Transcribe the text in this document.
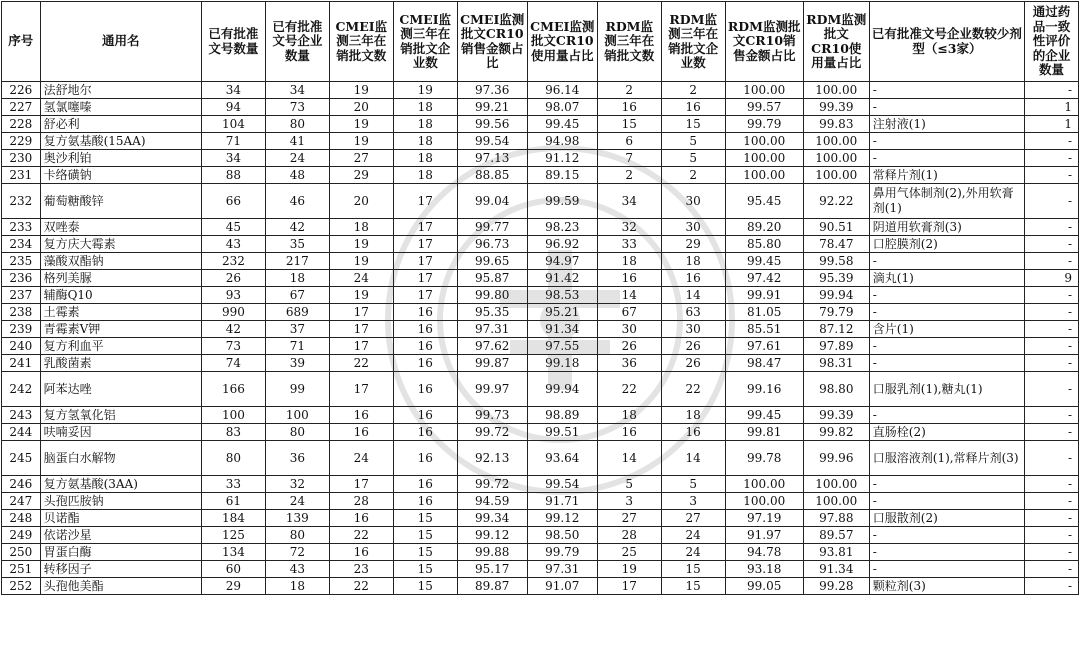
序号	通用名	已有批准文号数量	已有批准文号企业数量	CMEI监测三年在销批文数	CMEI监测三年在销批文企业数	CMEI监测批文CR10销售金额占比	CMEI监测批文CR10使用量占比	RDM监测三年在销批文数	RDM监测三年在销批文企业数	RDM监测批文CR10销售金额占比	RDM监测批文CR10使用量占比	已有批准文号企业数较少剂型（≤3家）	通过药品一致性评价的企业数量
226	法舒地尔	34	34	19	19	97.36	96.14	2	2	100.00	100.00	-	-
227	氢氯噻嗪	94	73	20	18	99.21	98.07	16	16	99.57	99.39	-	1
228	舒必利	104	80	19	18	99.56	99.45	15	15	99.79	99.83	注射液(1)	1
229	复方氨基酸(15AA)	71	41	19	18	99.54	94.98	6	5	100.00	100.00	-	-
230	奥沙利铂	34	24	27	18	97.13	91.12	7	5	100.00	100.00	-	-
231	卡络磺钠	88	48	29	18	88.85	89.15	2	2	100.00	100.00	常释片剂(1)	-
232	葡萄糖酸锌	66	46	20	17	99.04	99.59	34	30	95.45	92.22	鼻用气体制剂(2),外用软膏剂(1)	-
233	双唑泰	45	42	18	17	99.77	98.23	32	30	89.20	90.51	阴道用软膏剂(3)	-
234	复方庆大霉素	43	35	19	17	96.73	96.92	33	29	85.80	78.47	口腔膜剂(2)	-
235	藻酸双酯钠	232	217	19	17	99.65	94.97	18	18	99.45	99.58	-	-
236	格列美脲	26	18	24	17	95.87	91.42	16	16	97.42	95.39	滴丸(1)	9
237	辅酶Q10	93	67	19	17	99.80	98.53	14	14	99.91	99.94	-	-
238	土霉素	990	689	17	16	95.35	95.21	67	63	81.05	79.79	-	-
239	青霉素V钾	42	37	17	16	97.31	91.34	30	30	85.51	87.12	含片(1)	-
240	复方利血平	73	71	17	16	97.62	97.55	26	26	97.61	97.89	-	-
241	乳酸菌素	74	39	22	16	99.87	99.18	36	26	98.47	98.31	-	-
242	阿苯达唑	166	99	17	16	99.97	99.94	22	22	99.16	98.80	口服乳剂(1),糖丸(1)	-
243	复方氢氧化铝	100	100	16	16	99.73	98.89	18	18	99.45	99.39	-	-
244	呋喃妥因	83	80	16	16	99.72	99.51	16	16	99.81	99.82	直肠栓(2)	-
245	脑蛋白水解物	80	36	24	16	92.13	93.64	14	14	99.78	99.96	口服溶液剂(1),常释片剂(3)	-
246	复方氨基酸(3AA)	33	32	17	16	99.72	99.54	5	5	100.00	100.00	-	-
247	头孢匹胺钠	61	24	28	16	94.59	91.71	3	3	100.00	100.00	-	-
248	贝诺酯	184	139	16	15	99.34	99.12	27	27	97.19	97.88	口服散剂(2)	-
249	依诺沙星	125	80	22	15	99.12	98.50	28	24	91.97	89.57	-	-
250	胃蛋白酶	134	72	16	15	99.88	99.79	25	24	94.78	93.81	-	-
251	转移因子	60	43	23	15	95.17	97.31	19	15	93.18	91.34	-	-
252	头孢他美酯	29	18	22	15	89.87	91.07	17	15	99.05	99.28	颗粒剂(3)	-
